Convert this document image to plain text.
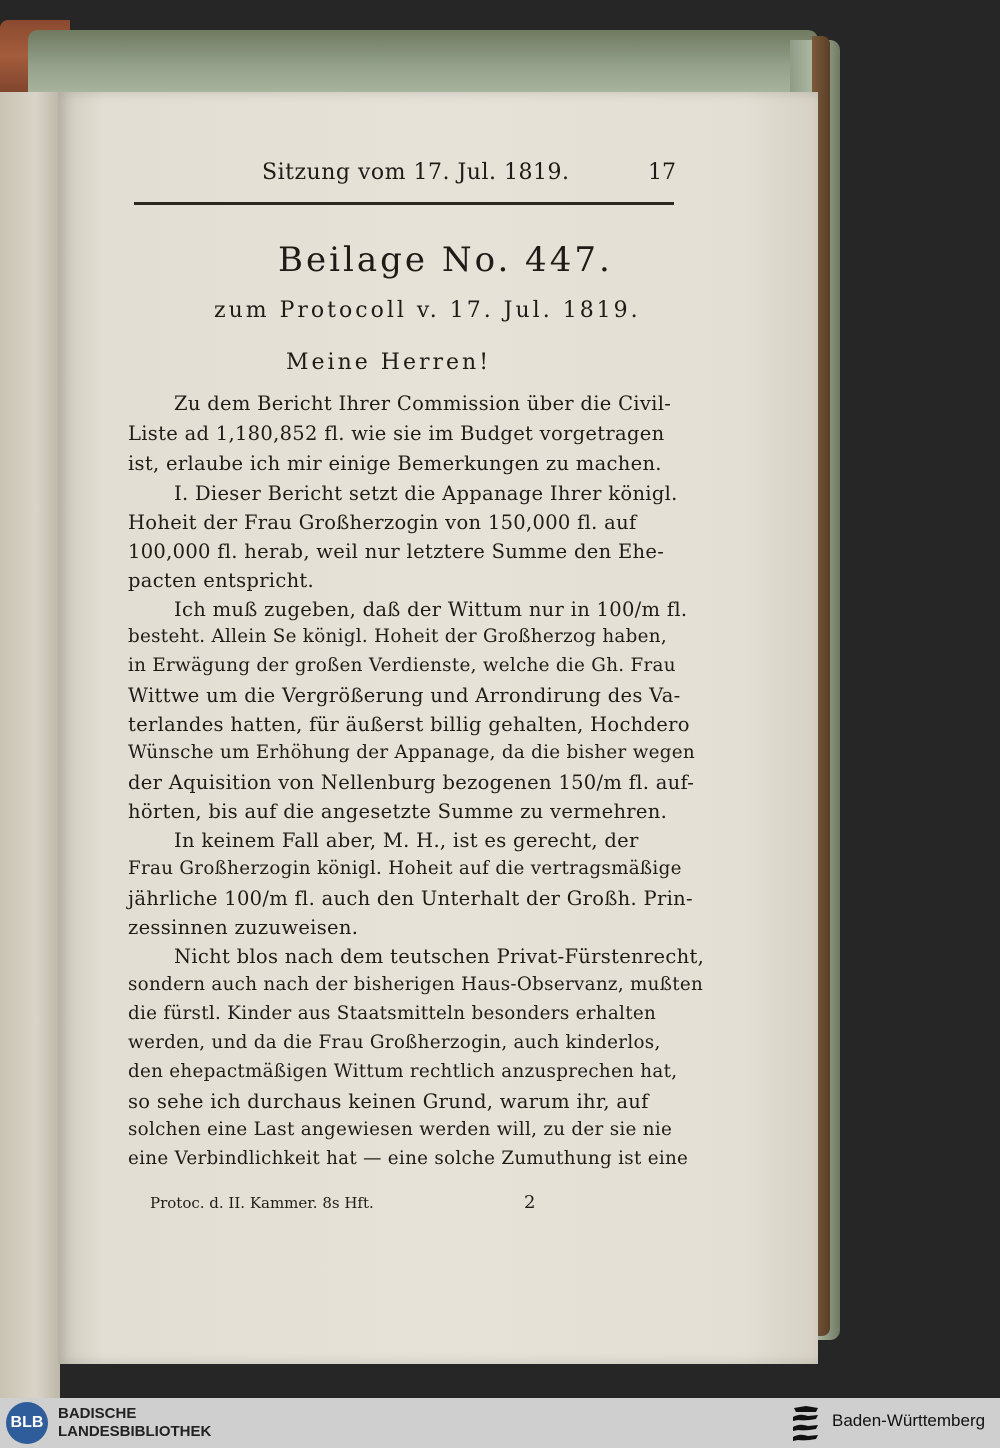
Sitzung vom 17. Jul. 1819.	17
Beilage No. 447.
zum Protocoll v. 17. Jul. 1819.
Meine Herren!
Zu dem Bericht Ihrer Commission über die Civil-
Liste ad 1,180,852 fl. wie sie im Budget vorgetragen
ist, erlaube ich mir einige Bemerkungen zu machen.
I. Dieser Bericht setzt die Appanage Ihrer königl.
Hoheit der Frau Großherzogin von 150,000 fl. auf
100,000 fl. herab, weil nur letztere Summe den Ehe-
pacten entspricht.
Ich muß zugeben, daß der Wittum nur in 100/m fl.
besteht. Allein Se königl. Hoheit der Großherzog haben,
in Erwägung der großen Verdienste, welche die Gh. Frau
Wittwe um die Vergrößerung und Arrondirung des Va-
terlandes hatten, für äußerst billig gehalten, Hochdero
Wünsche um Erhöhung der Appanage, da die bisher wegen
der Aquisition von Nellenburg bezogenen 150/m fl. auf-
hörten, bis auf die angesetzte Summe zu vermehren.
In keinem Fall aber, M. H., ist es gerecht, der
Frau Großherzogin königl. Hoheit auf die vertragsmäßige
jährliche 100/m fl. auch den Unterhalt der Großh. Prin-
zessinnen zuzuweisen.
Nicht blos nach dem teutschen Privat-Fürstenrecht,
sondern auch nach der bisherigen Haus-Observanz, mußten
die fürstl. Kinder aus Staatsmitteln besonders erhalten
werden, und da die Frau Großherzogin, auch kinderlos,
den ehepactmäßigen Wittum rechtlich anzusprechen hat,
so sehe ich durchaus keinen Grund, warum ihr, auf
solchen eine Last angewiesen werden will, zu der sie nie
eine Verbindlichkeit hat — eine solche Zumuthung ist eine
Protoc. d. II. Kammer. 8s Hft.	2
BLB
BADISCHE
LANDESBIBLIOTHEK
Baden-Württemberg
